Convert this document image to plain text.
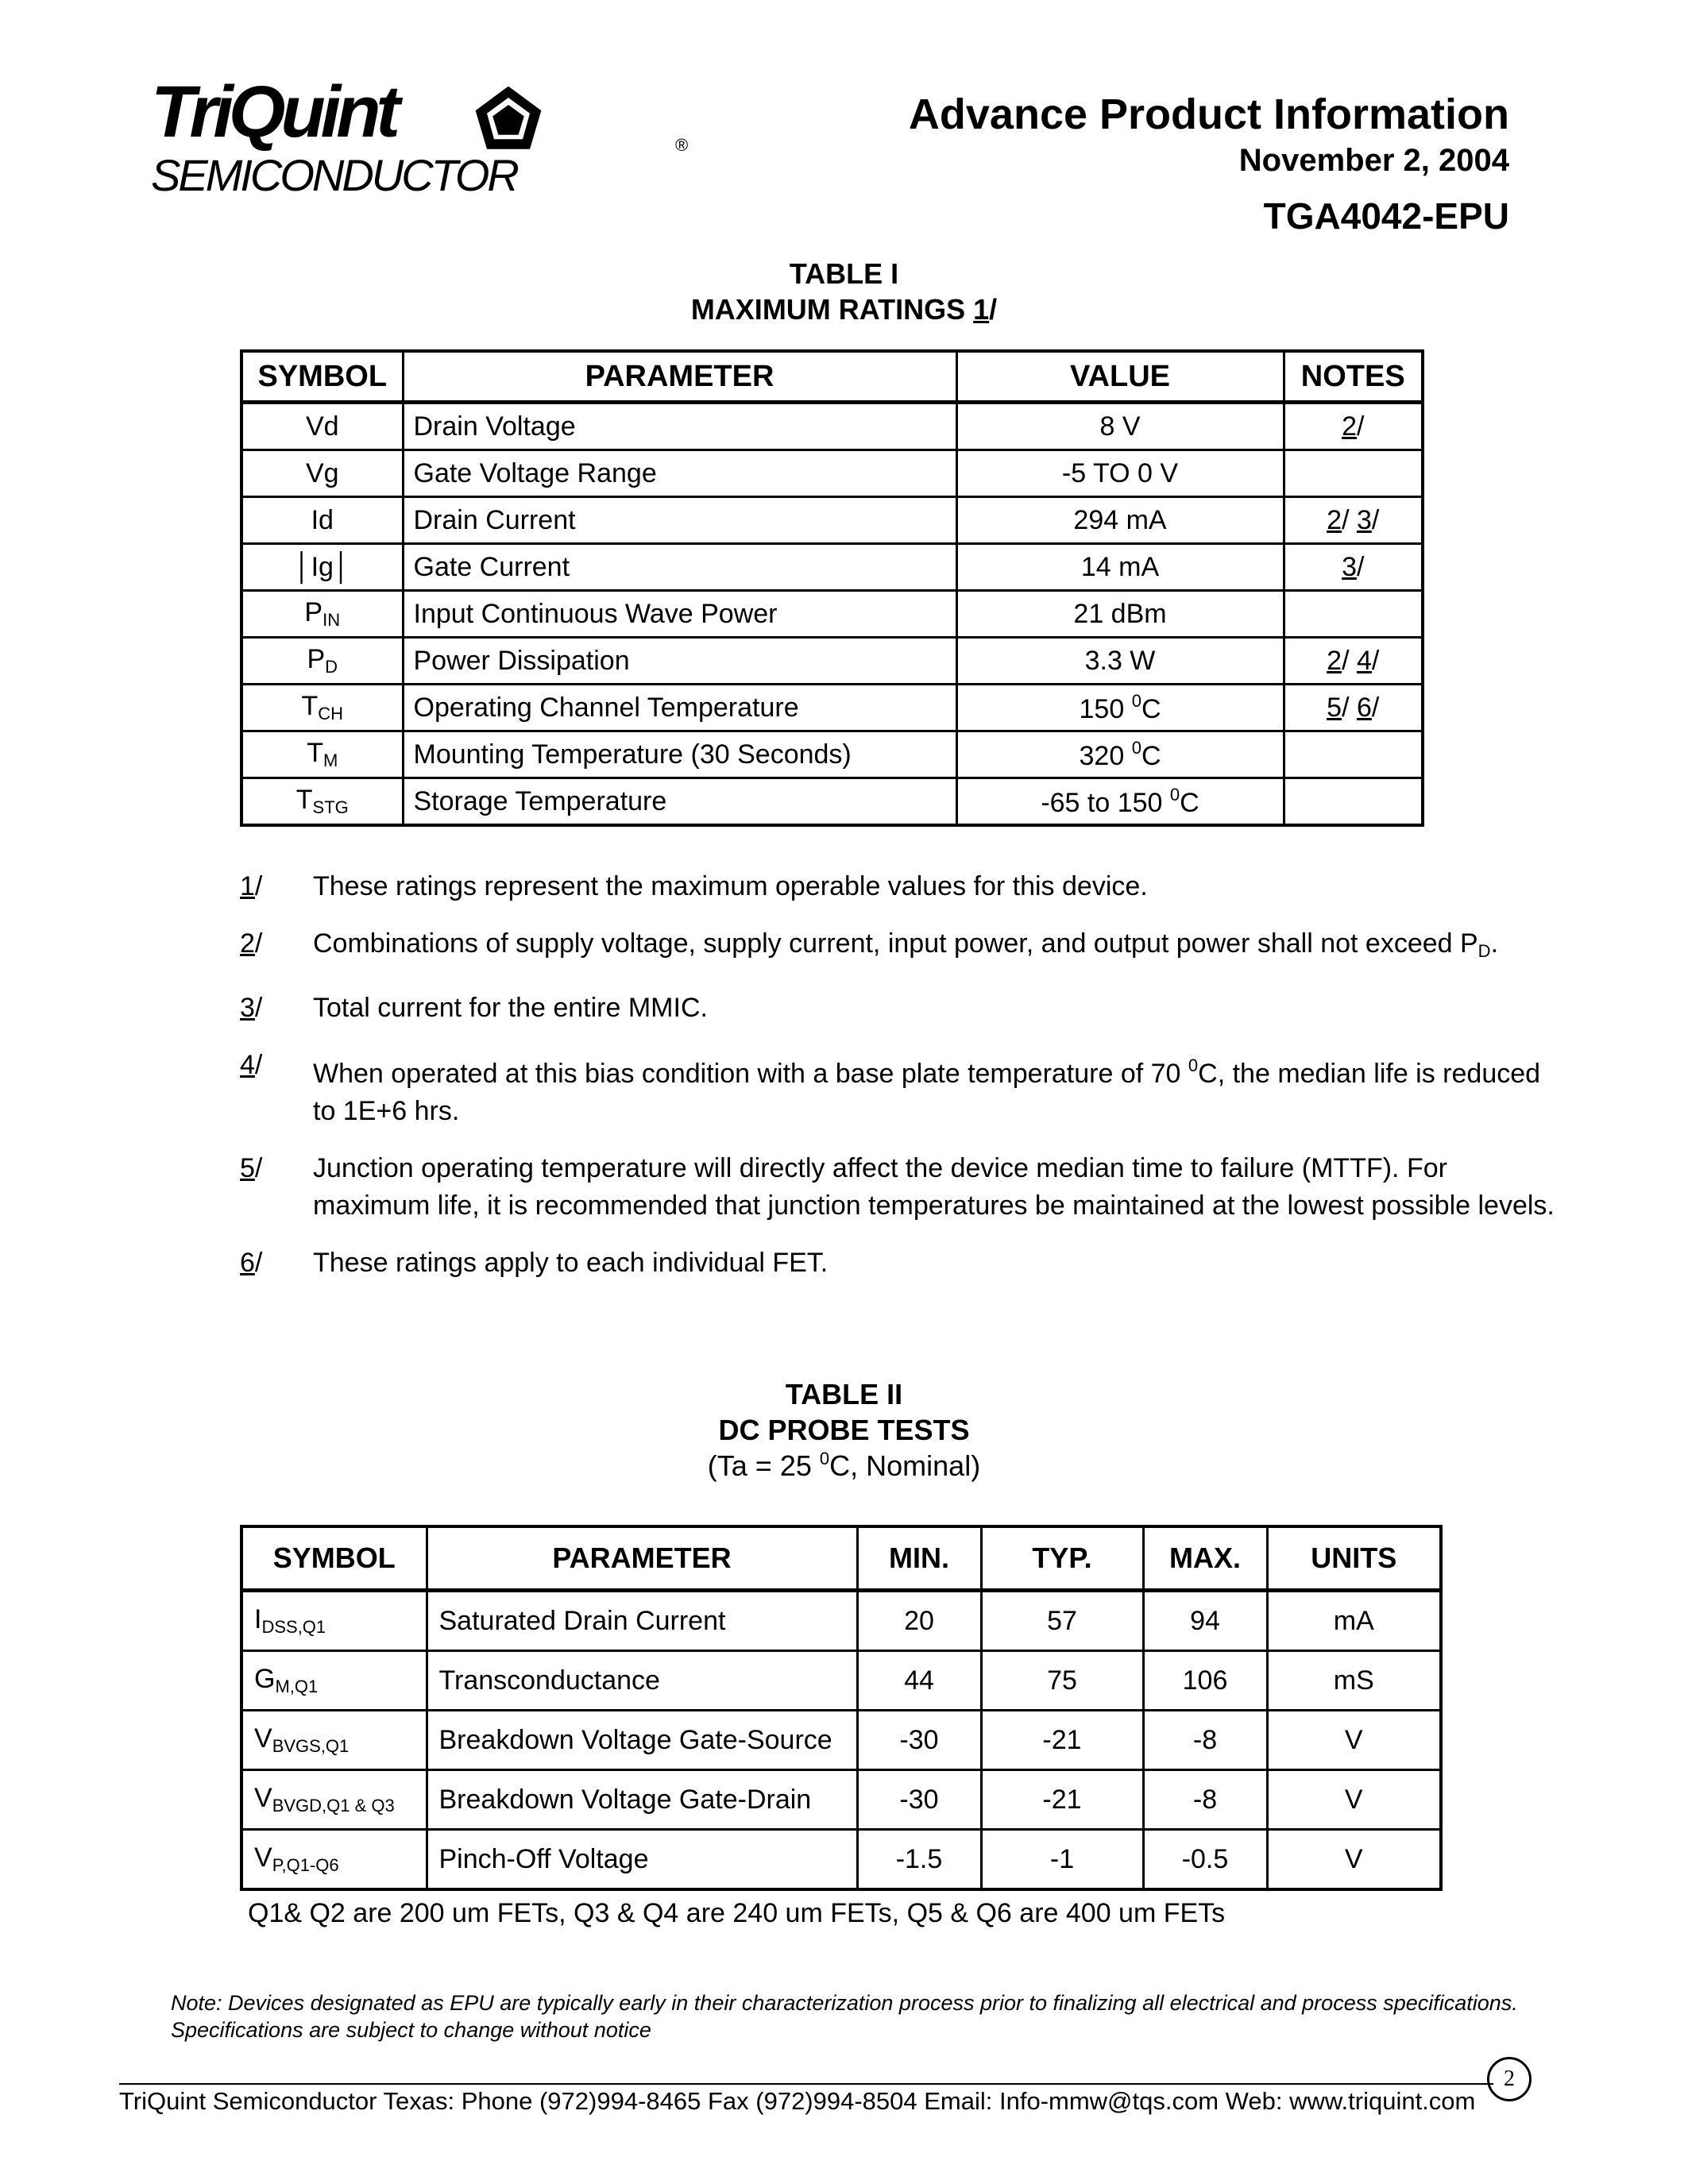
TriQuint
SEMICONDUCTOR
®
Advance Product Information
November 2, 2004
TGA4042-EPU
TABLE I
MAXIMUM RATINGS 1/
SYMBOL	PARAMETER	VALUE	NOTES
Vd	Drain Voltage	8 V	2/
Vg	Gate Voltage Range	-5 TO 0 V	
Id	Drain Current	294 mA	2/ 3/
│Ig│	Gate Current	14 mA	3/
$P_{IN}$	Input Continuous Wave Power	21 dBm	
$P_D$	Power Dissipation	3.3 W	2/ 4/
$T_{CH}$	Operating Channel Temperature	150 $^0$C	5/ 6/
$T_M$	Mounting Temperature (30 Seconds)	320 $^0$C	
$T_{STG}$	Storage Temperature	-65 to 150 $^0$C	
1/	These ratings represent the maximum operable values for this device.
2/	Combinations of supply voltage, supply current, input power, and output power shall not exceed $P_D$.
3/	Total current for the entire MMIC.
4/	When operated at this bias condition with a base plate temperature of 70 $^0$C, the median life is reduced to 1E+6 hrs.
5/	Junction operating temperature will directly affect the device median time to failure (MTTF). For maximum life, it is recommended that junction temperatures be maintained at the lowest possible levels.
6/	These ratings apply to each individual FET.
TABLE II
DC PROBE TESTS
(Ta = 25 $^0$C, Nominal)
SYMBOL	PARAMETER	MIN.	TYP.	MAX.	UNITS
$I_{DSS,Q1}$	Saturated Drain Current	20	57	94	mA
$G_{M,Q1}$	Transconductance	44	75	106	mS
$V_{BVGS,Q1}$	Breakdown Voltage Gate-Source	-30	-21	-8	V
$V_{BVGD,Q1 \& Q3}$	Breakdown Voltage Gate-Drain	-30	-21	-8	V
$V_{P,Q1-Q6}$	Pinch-Off Voltage	-1.5	-1	-0.5	V
Q1& Q2 are 200 um FETs, Q3 & Q4 are 240 um FETs, Q5 & Q6 are 400 um FETs
Note: Devices designated as EPU are typically early in their characterization process prior to finalizing all electrical and process specifications. Specifications are subject to change without notice
TriQuint Semiconductor Texas: Phone (972)994-8465 Fax (972)994-8504 Email: Info-mmw@tqs.com Web: www.triquint.com
2
